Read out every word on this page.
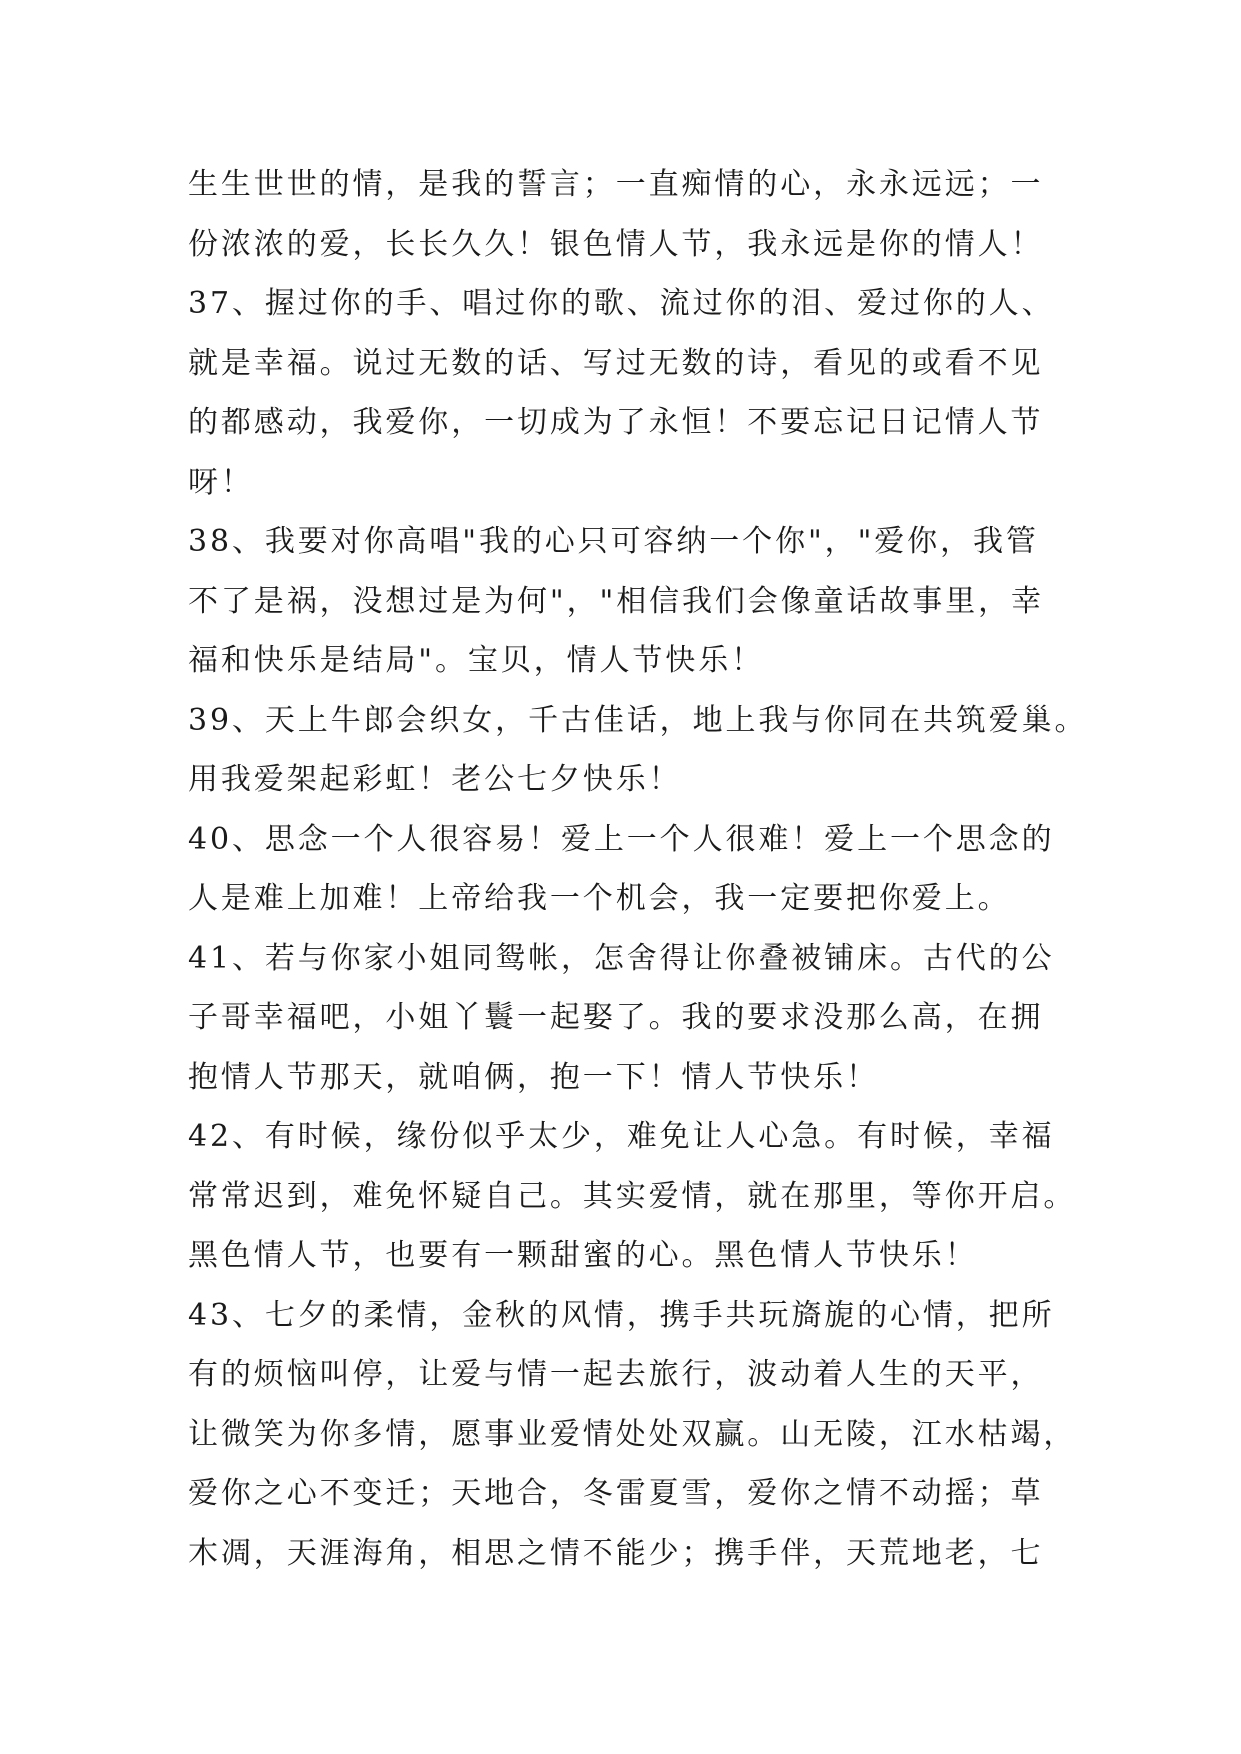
生生世世的情，是我的誓言；一直痴情的心，永永远远；一
份浓浓的爱，长长久久！银色情人节，我永远是你的情人！
37、握过你的手、唱过你的歌、流过你的泪、爱过你的人、
就是幸福。说过无数的话、写过无数的诗，看见的或看不见
的都感动，我爱你，一切成为了永恒！不要忘记日记情人节
呀！
38、我要对你高唱"我的心只可容纳一个你"，"爱你，我管
不了是祸，没想过是为何"，"相信我们会像童话故事里，幸
福和快乐是结局"。宝贝，情人节快乐！
39、天上牛郎会织女，千古佳话，地上我与你同在共筑爱巢。
用我爱架起彩虹！老公七夕快乐！
40、思念一个人很容易！爱上一个人很难！爱上一个思念的
人是难上加难！上帝给我一个机会，我一定要把你爱上。
41、若与你家小姐同鸳帐，怎舍得让你叠被铺床。古代的公
子哥幸福吧，小姐丫鬟一起娶了。我的要求没那么高，在拥
抱情人节那天，就咱俩，抱一下！情人节快乐！
42、有时候，缘份似乎太少，难免让人心急。有时候，幸福
常常迟到，难免怀疑自己。其实爱情，就在那里，等你开启。
黑色情人节，也要有一颗甜蜜的心。黑色情人节快乐！
43、七夕的柔情，金秋的风情，携手共玩旖旎的心情，把所
有的烦恼叫停，让爱与情一起去旅行，波动着人生的天平，
让微笑为你多情，愿事业爱情处处双赢。山无陵，江水枯竭，
爱你之心不变迁；天地合，冬雷夏雪，爱你之情不动摇；草
木凋，天涯海角，相思之情不能少；携手伴，天荒地老，七
